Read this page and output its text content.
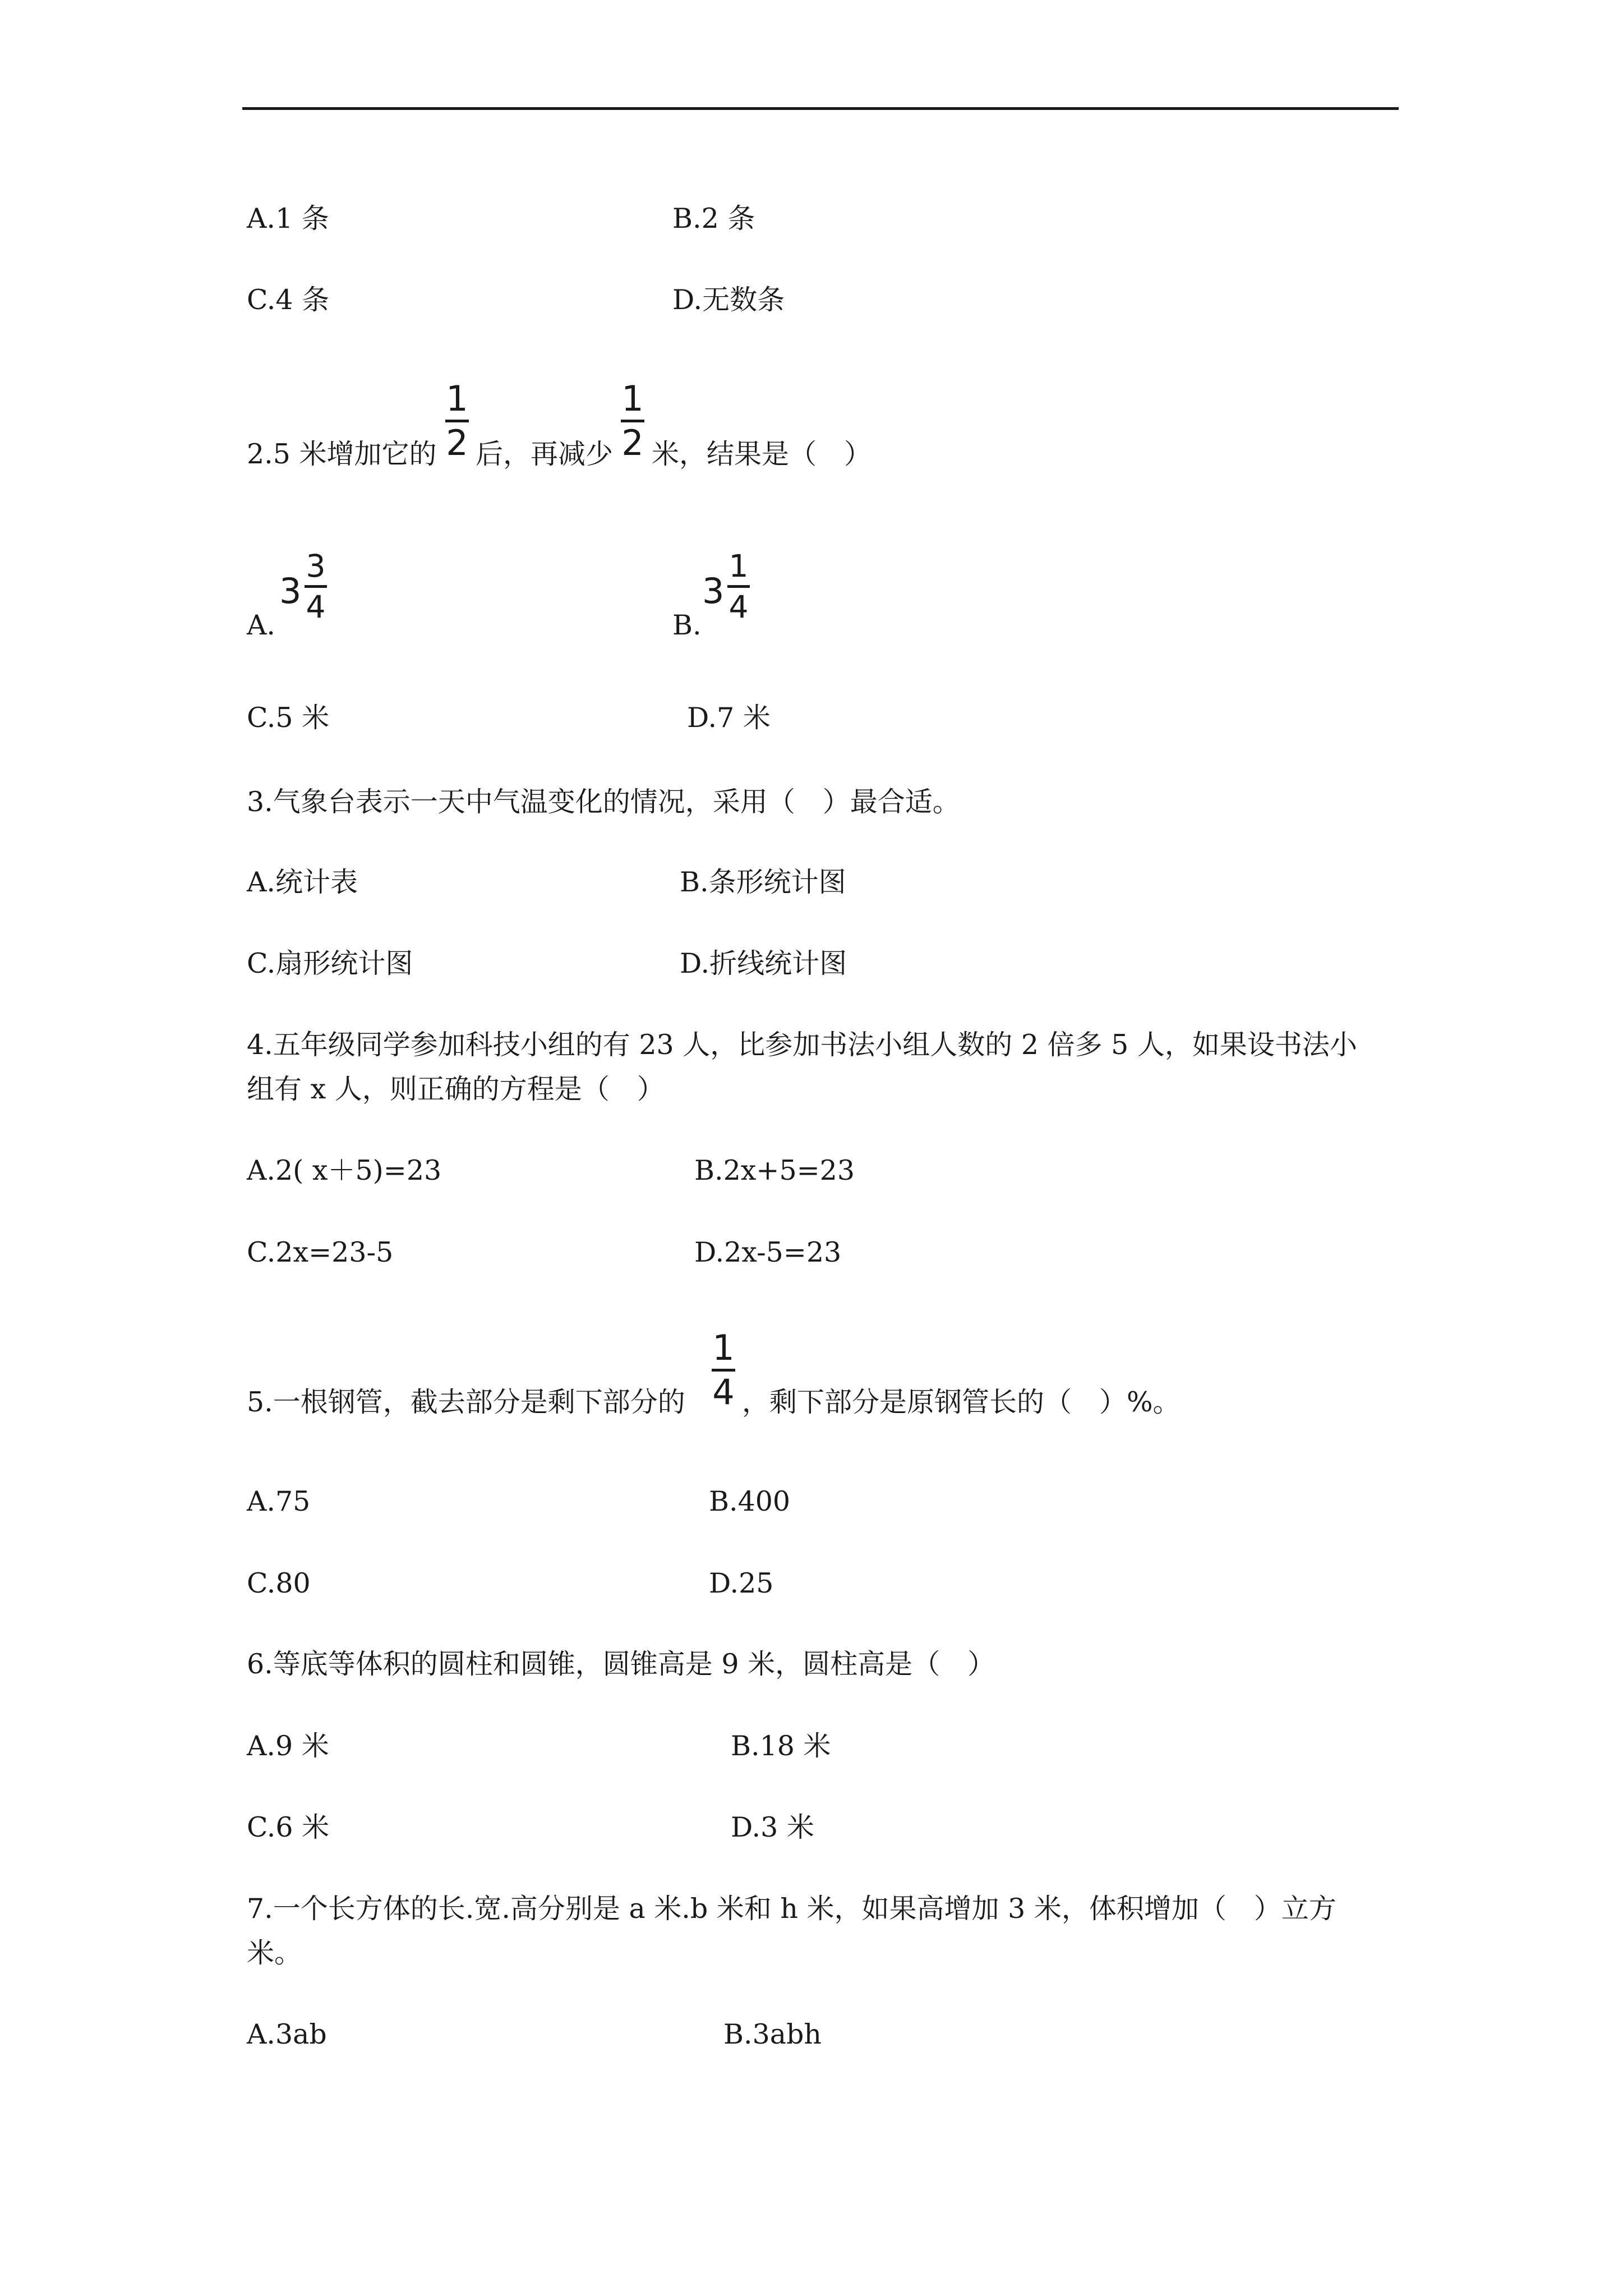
A.1 条	B.2 条
C.4 条	D.无数条
2.5 米增加它的
1
2 后，再减少
1
2 米，结果是（　）
A.
3
3
4
B.
3
1
4
C.5 米	D.7 米
3.气象台表示一天中气温变化的情况，采用（　）最合适。
A.统计表	B.条形统计图
C.扇形统计图	D.折线统计图
4.五年级同学参加科技小组的有 23 人，比参加书法小组人数的 2 倍多 5 人，如果设书法小
组有 x 人，则正确的方程是（　）
A.2( x＋5)=23	B.2x+5=23
C.2x=23-5	D.2x-5=23
5.一根钢管，截去部分是剩下部分的
1
4 ，剩下部分是原钢管长的（　）%。
A.75	B.400
C.80	D.25
6.等底等体积的圆柱和圆锥，圆锥高是 9 米，圆柱高是（　）
A.9 米	B.18 米
C.6 米	D.3 米
7.一个长方体的长.宽.高分别是 a 米.b 米和 h 米，如果高增加 3 米，体积增加（　）立方
米。
A.3ab	B.3abh
